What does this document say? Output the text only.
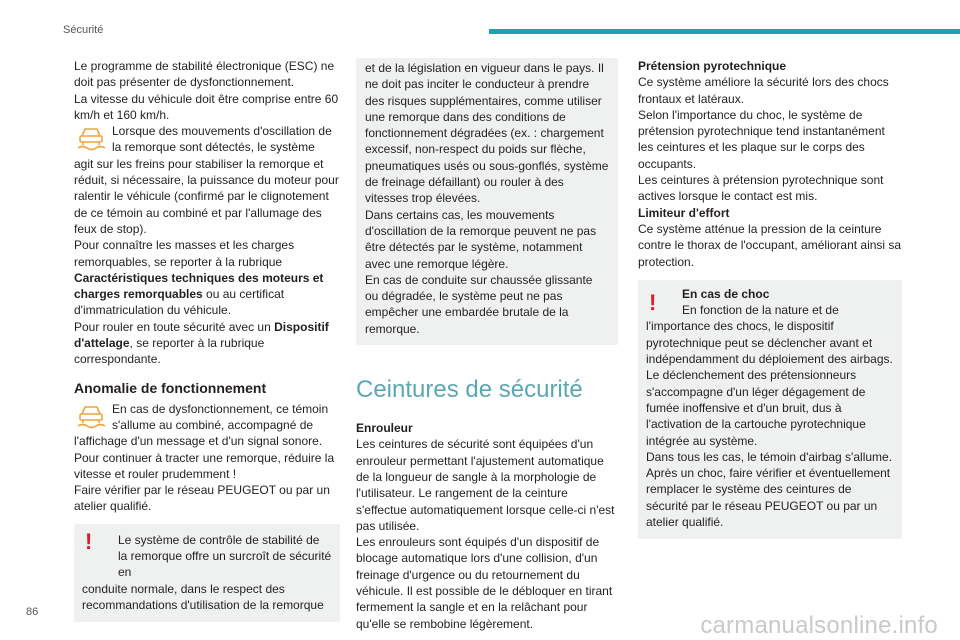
Sécurité

Le programme de stabilité électronique (ESC) ne doit pas présenter de dysfonctionnement.

La vitesse du véhicule doit être comprise entre 60 km/h et 160 km/h.

Lorsque des mouvements d'oscillation de la remorque sont détectés, le système

agit sur les freins pour stabiliser la remorque et réduit, si nécessaire, la puissance du moteur pour ralentir le véhicule (confirmé par le clignotement de ce témoin au combiné et par l'allumage des feux de stop).

Pour connaître les masses et les charges remorquables, se reporter à la rubrique Caractéristiques techniques des moteurs et charges remorquables ou au certificat d'immatriculation du véhicule.

Pour rouler en toute sécurité avec un Dispositif d'attelage, se reporter à la rubrique correspondante.

Anomalie de fonctionnement

En cas de dysfonctionnement, ce témoin s'allume au combiné, accompagné de

l'affichage d'un message et d'un signal sonore.

Pour continuer à tracter une remorque, réduire la vitesse et rouler prudemment !

Faire vérifier par le réseau PEUGEOT ou par un atelier qualifié.

!	Le système de contrôle de stabilité de la remorque offre un surcroît de sécurité en

conduite normale, dans le respect des recommandations d'utilisation de la remorque

et de la législation en vigueur dans le pays. Il ne doit pas inciter le conducteur à prendre des risques supplémentaires, comme utiliser une remorque dans des conditions de fonctionnement dégradées (ex. : chargement excessif, non-respect du poids sur flèche, pneumatiques usés ou sous-gonflés, système de freinage défaillant) ou rouler à des vitesses trop élevées.

Dans certains cas, les mouvements d'oscillation de la remorque peuvent ne pas être détectés par le système, notamment avec une remorque légère.

En cas de conduite sur chaussée glissante ou dégradée, le système peut ne pas empêcher une embardée brutale de la remorque.

Ceintures de sécurité

Enrouleur

Les ceintures de sécurité sont équipées d'un enrouleur permettant l'ajustement automatique de la longueur de sangle à la morphologie de l'utilisateur. Le rangement de la ceinture s'effectue automatiquement lorsque celle-ci n'est pas utilisée.

Les enrouleurs sont équipés d'un dispositif de blocage automatique lors d'une collision, d'un freinage d'urgence ou du retournement du véhicule. Il est possible de le débloquer en tirant fermement la sangle et en la relâchant pour qu'elle se rembobine légèrement.

Prétension pyrotechnique

Ce système améliore la sécurité lors des chocs frontaux et latéraux.

Selon l'importance du choc, le système de prétension pyrotechnique tend instantanément les ceintures et les plaque sur le corps des occupants.

Les ceintures à prétension pyrotechnique sont actives lorsque le contact est mis.

Limiteur d'effort

Ce système atténue la pression de la ceinture contre le thorax de l'occupant, améliorant ainsi sa protection.

!	En cas de choc

En fonction de la nature et de

l'importance des chocs, le dispositif pyrotechnique peut se déclencher avant et indépendamment du déploiement des airbags. Le déclenchement des prétensionneurs s'accompagne d'un léger dégagement de fumée inoffensive et d'un bruit, dus à l'activation de la cartouche pyrotechnique intégrée au système.

Dans tous les cas, le témoin d'airbag s'allume.

Après un choc, faire vérifier et éventuellement remplacer le système des ceintures de sécurité par le réseau PEUGEOT ou par un atelier qualifié.

86	carmanualsonline.info
